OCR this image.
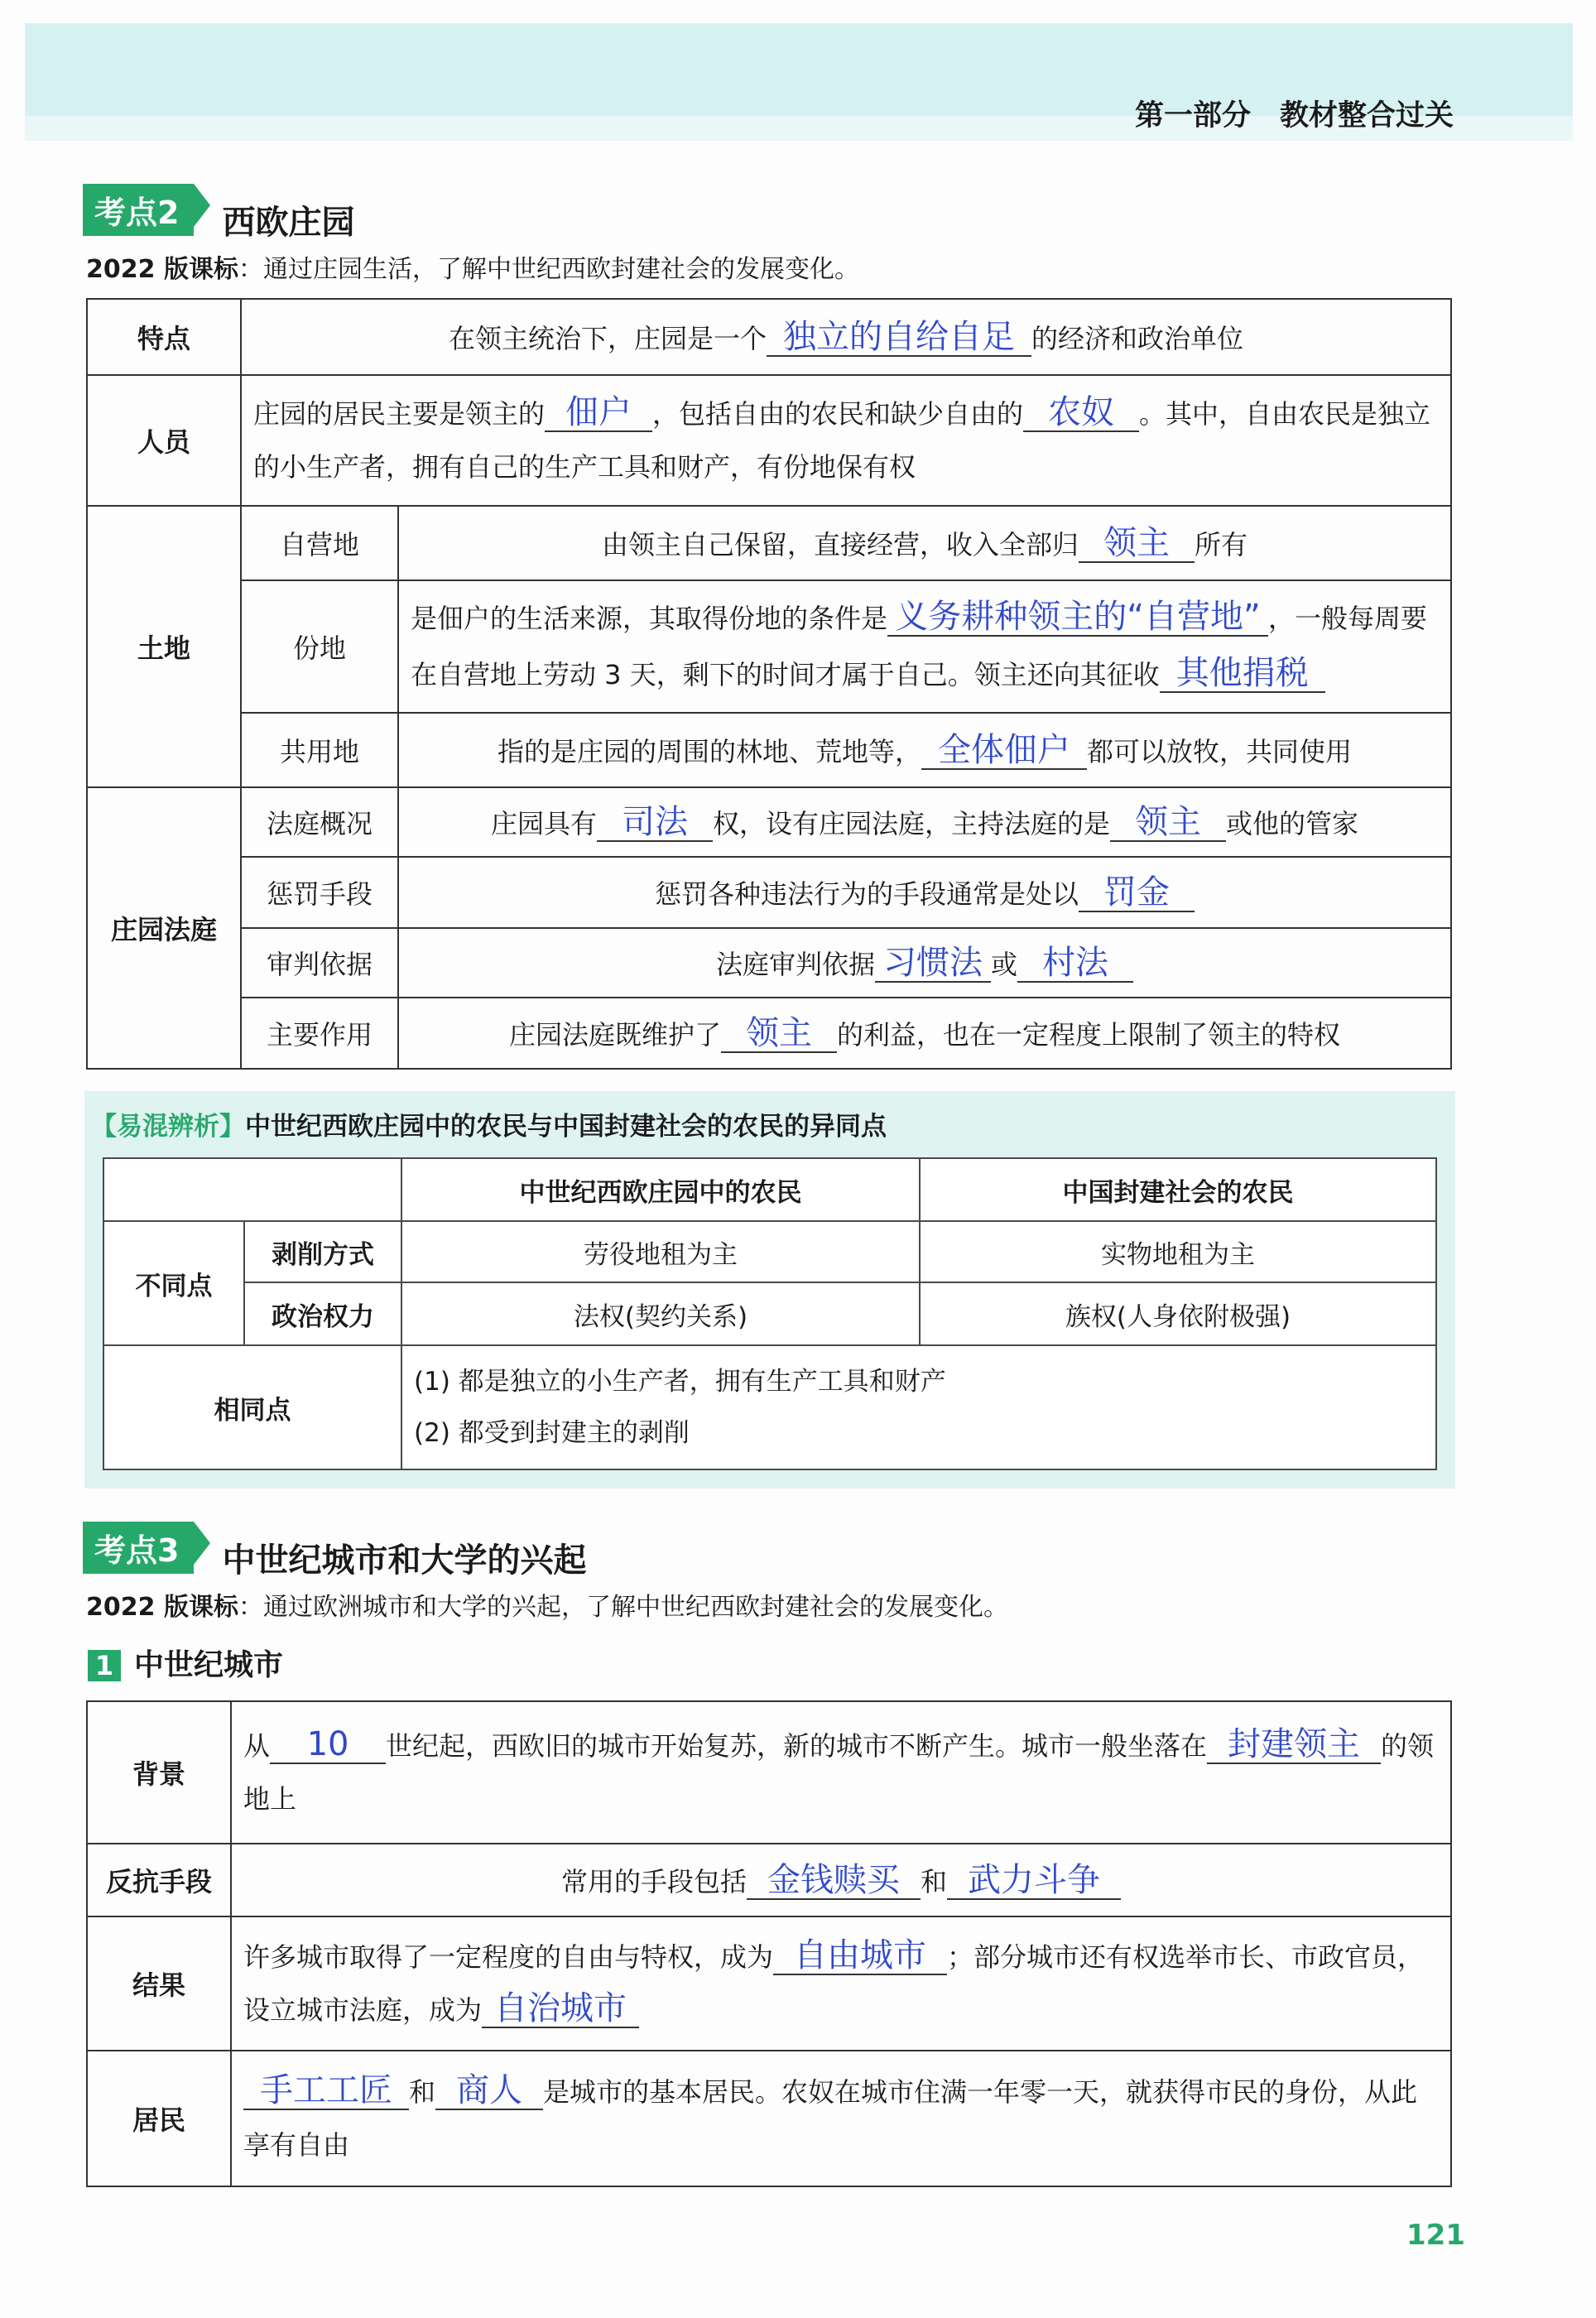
第一部分　教材整合过关
考点2 西欧庄园
2022 版课标：通过庄园生活，了解中世纪西欧封建社会的发展变化。
特点	在领主统治下，庄园是一个 独立的自给自足 的经济和政治单位	
人员	庄园的居民主要是领主的 佃户 ，包括自由的农民和缺少自由的 农奴 。其中，自由农民是独立的小生产者，拥有自己的生产工具和财产，有份地保有权	
土地	自营地	由领主自己保留，直接经营，收入全部归 领主 所有
	份地	是佃户的生活来源，其取得份地的条件是 义务耕种领主的“自营地” ，一般每周要在自营地上劳动 3 天，剩下的时间才属于自己。领主还向其征收 其他捐税
	共用地	指的是庄园的周围的林地、荒地等， 全体佃户 都可以放牧，共同使用
庄园法庭	法庭概况	庄园具有 司法 权，设有庄园法庭，主持法庭的是 领主 或他的管家
	惩罚手段	惩罚各种违法行为的手段通常是处以 罚金
	审判依据	法庭审判依据 习惯法 或 村法
	主要作用	庄园法庭既维护了 领主 的利益，也在一定程度上限制了领主的特权
【易混辨析】中世纪西欧庄园中的农民与中国封建社会的农民的异同点
		中世纪西欧庄园中的农民	中国封建社会的农民
不同点	剥削方式	劳役地租为主	实物地租为主
	政治权力	法权(契约关系)	族权(人身依附极强)
相同点		(1) 都是独立的小生产者，拥有生产工具和财产
(2) 都受到封建主的剥削	
考点3 中世纪城市和大学的兴起
2022 版课标：通过欧洲城市和大学的兴起，了解中世纪西欧封建社会的发展变化。
1 中世纪城市
背景	从 10 世纪起，西欧旧的城市开始复苏，新的城市不断产生。城市一般坐落在 封建领主 的领地上
反抗手段	常用的手段包括 金钱赎买 和 武力斗争
结果	许多城市取得了一定程度的自由与特权，成为 自由城市 ；部分城市还有权选举市长、市政官员，设立城市法庭，成为 自治城市
居民	手工工匠 和 商人 是城市的基本居民。农奴在城市住满一年零一天，就获得市民的身份，从此享有自由
121
